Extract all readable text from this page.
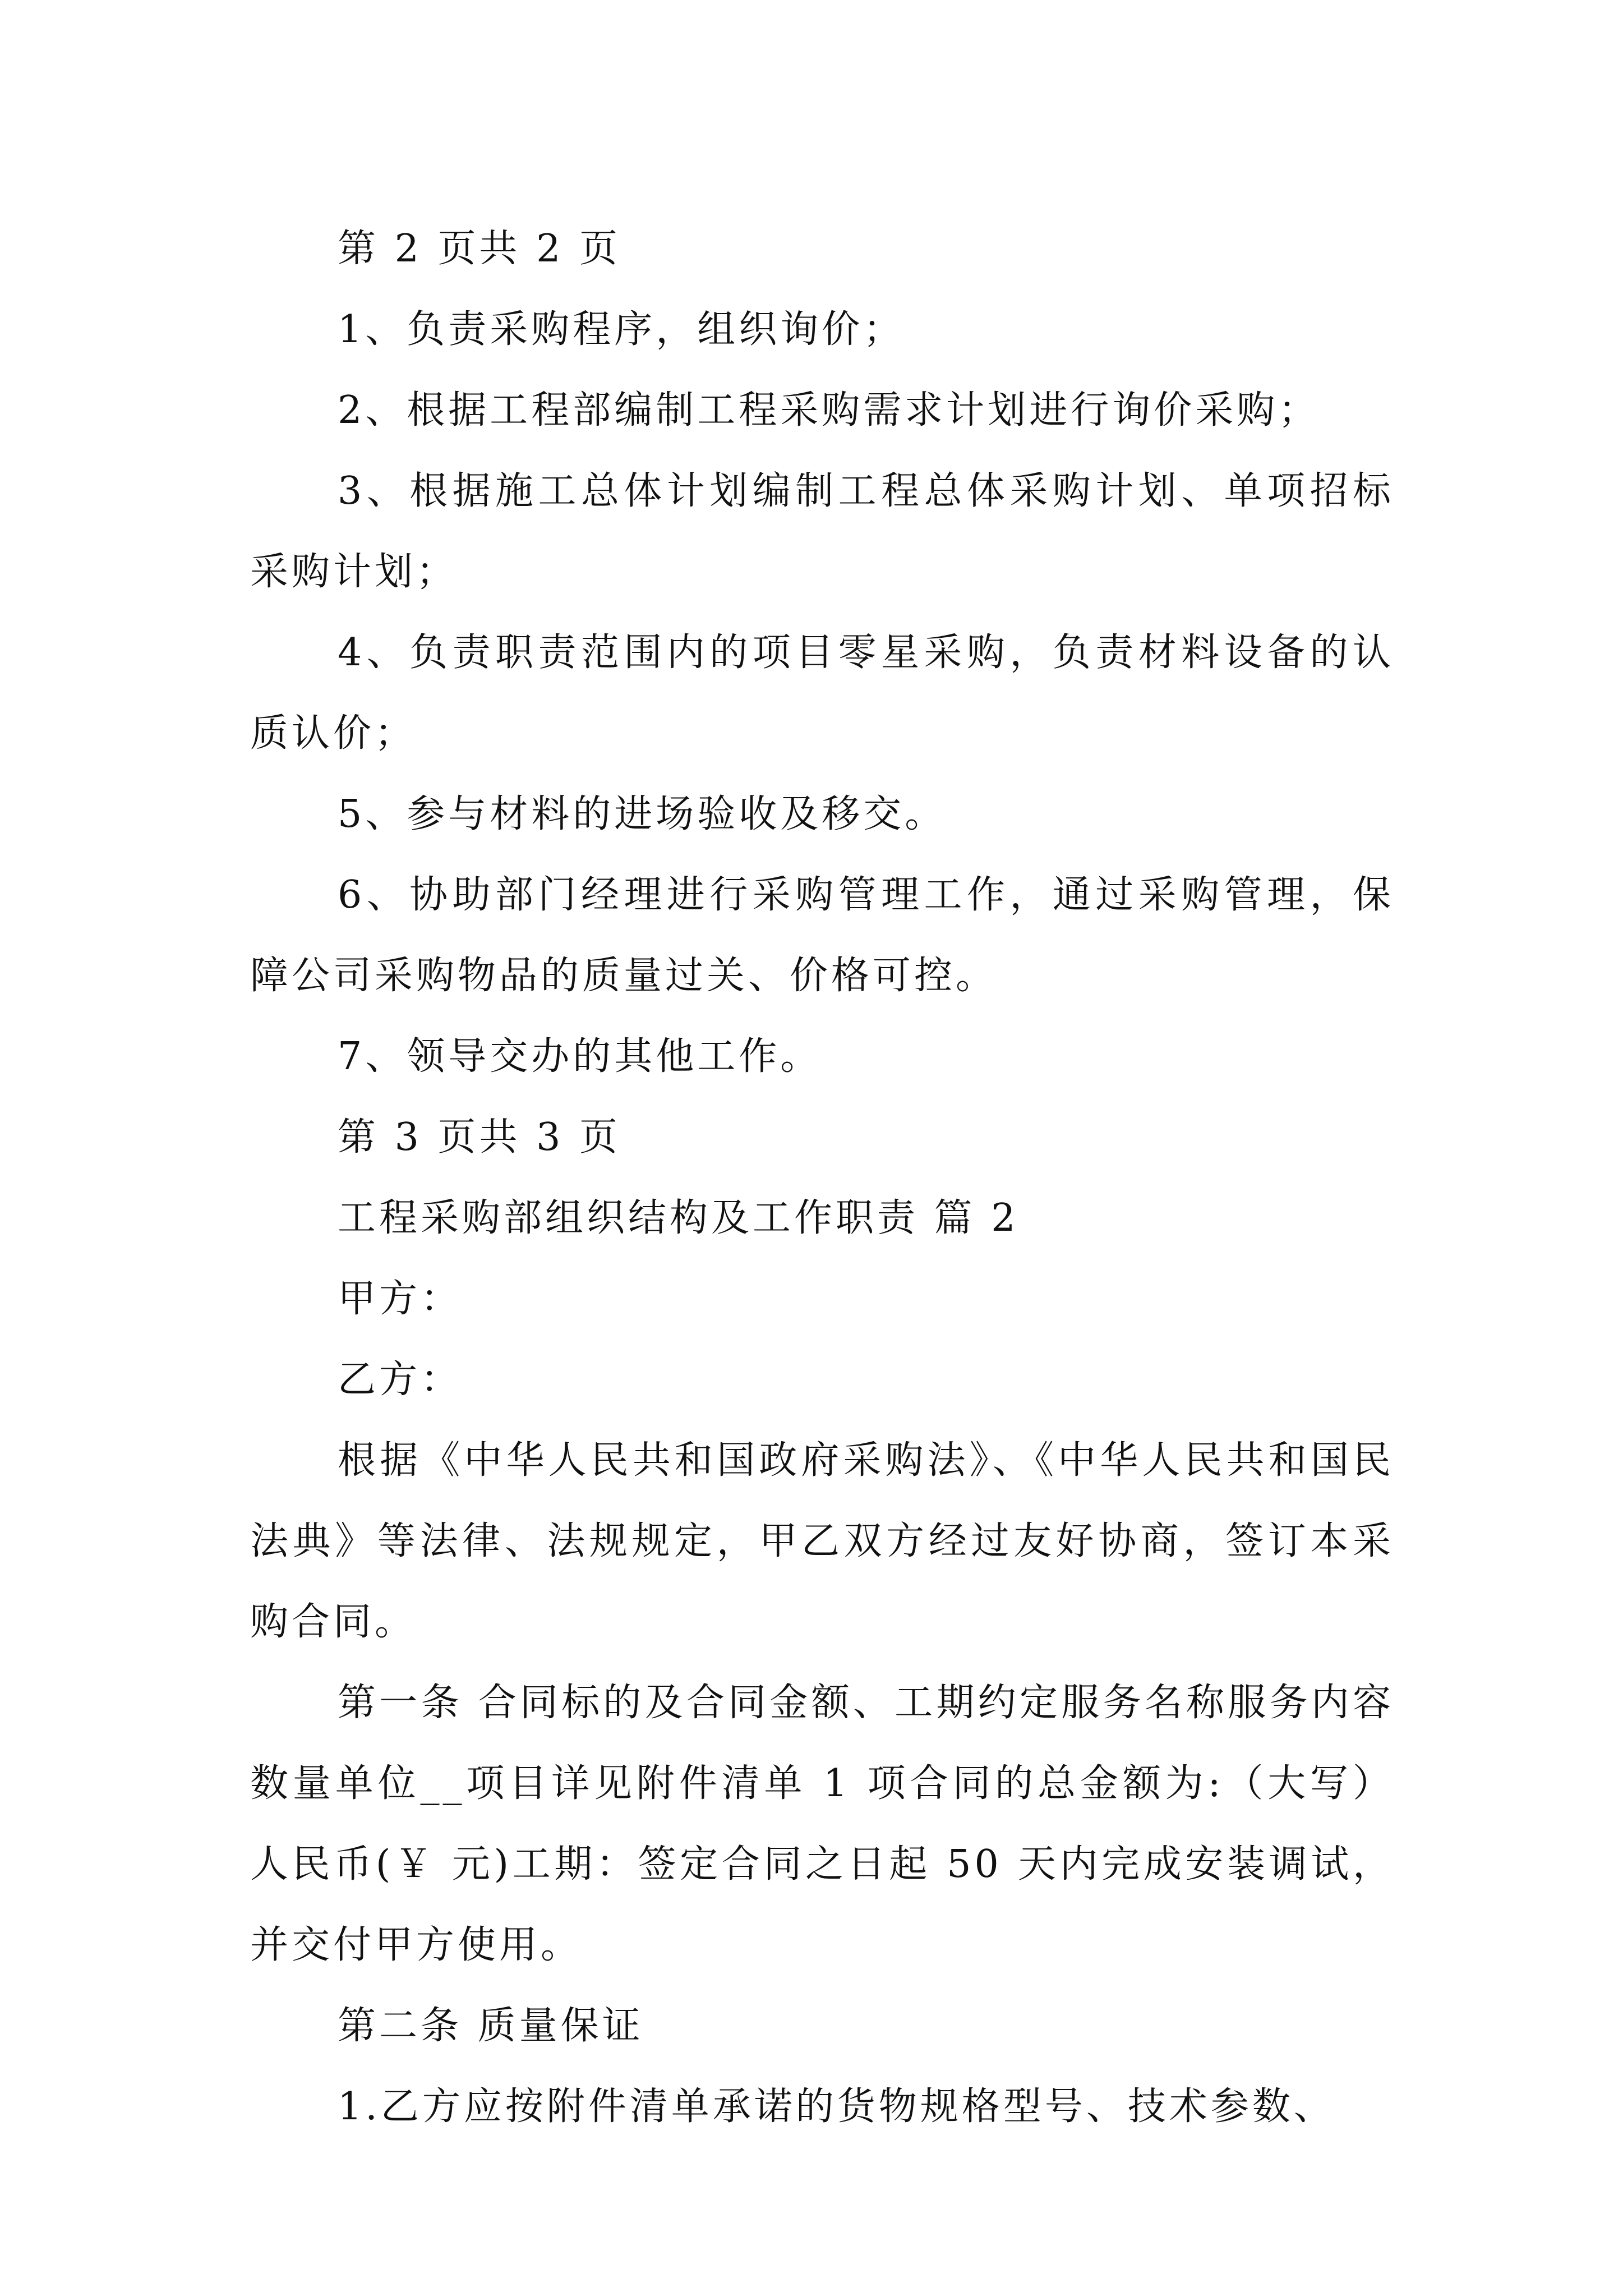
第 2 页共 2 页

1、负责采购程序，组织询价；

2、根据工程部编制工程采购需求计划进行询价采购；

3、根据施工总体计划编制工程总体采购计划、单项招标采购计划；

4、负责职责范围内的项目零星采购，负责材料设备的认质认价；

5、参与材料的进场验收及移交。

6、协助部门经理进行采购管理工作，通过采购管理，保障公司采购物品的质量过关、价格可控。

7、领导交办的其他工作。

第 3 页共 3 页

工程采购部组织结构及工作职责 篇 2

甲方：

乙方：

根据《中华人民共和国政府采购法》、《中华人民共和国民法典》等法律、法规规定，甲乙双方经过友好协商，签订本采购合同。

第一条 合同标的及合同金额、工期约定服务名称服务内容数量单位__项目详见附件清单 1 项合同的总金额为:（大写）人民币(￥ 元)工期：签定合同之日起 50 天内完成安装调试，并交付甲方使用。

第二条 质量保证

1.乙方应按附件清单承诺的货物规格型号、技术参数、
